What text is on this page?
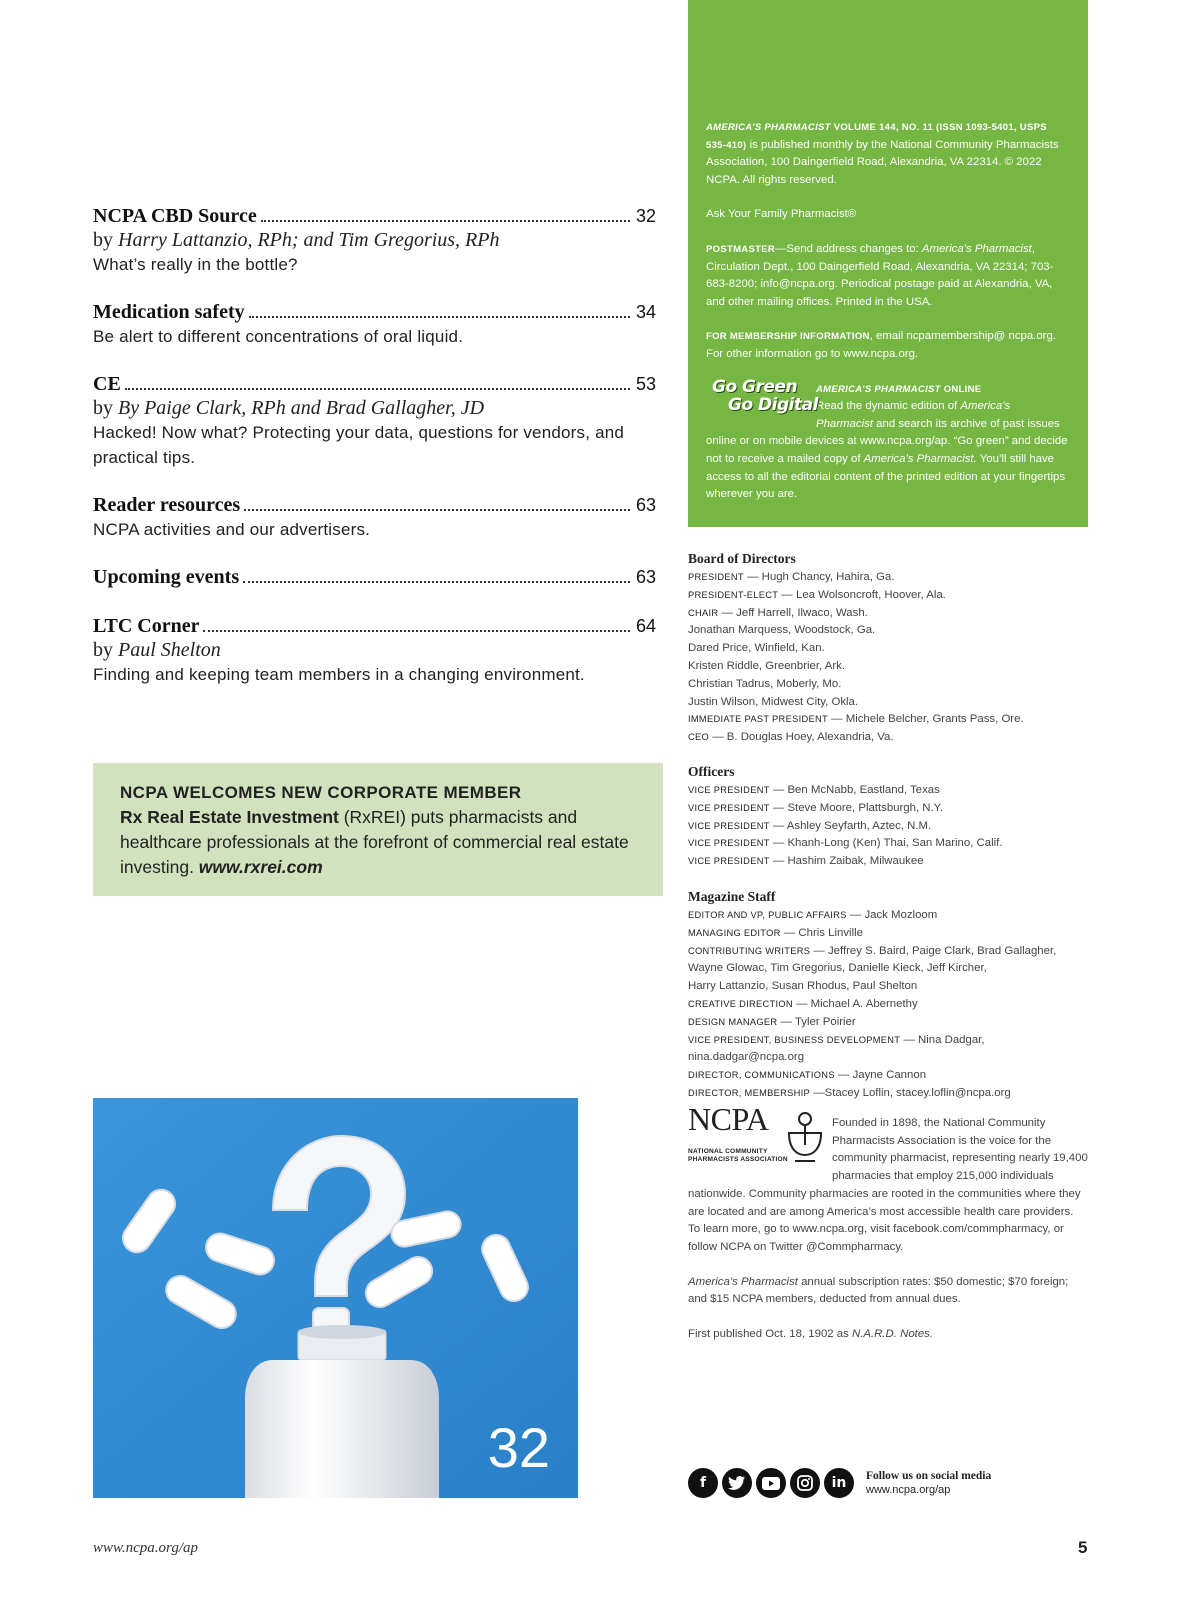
NCPA CBD Source	32
by Harry Lattanzio, RPh; and Tim Gregorius, RPh
What’s really in the bottle?
Medication safety	34
Be alert to different concentrations of oral liquid.
CE	53
by By Paige Clark, RPh and Brad Gallagher, JD
Hacked! Now what? Protecting your data, questions for vendors, and practical tips.
Reader resources	63
NCPA activities and our advertisers.
Upcoming events	63
LTC Corner	64
by Paul Shelton
Finding and keeping team members in a changing environment.
NCPA WELCOMES NEW CORPORATE MEMBER
Rx Real Estate Investment (RxREI) puts pharmacists and healthcare professionals at the forefront of commercial real estate investing. www.rxrei.com
32
www.ncpa.org/ap	5

AMERICA’S PHARMACIST VOLUME 144, NO. 11 (ISSN 1093-5401, USPS 535-410) is published monthly by the National Community Pharmacists Association, 100 Daingerfield Road, Alexandria, VA 22314. © 2022 NCPA. All rights reserved.

Ask Your Family Pharmacist®

POSTMASTER—Send address changes to: America’s Pharmacist, Circulation Dept., 100 Daingerfield Road, Alexandria, VA 22314; 703-683-8200; info@ncpa.org. Periodical postage paid at Alexandria, VA, and other mailing offices. Printed in the USA.

FOR MEMBERSHIP INFORMATION, email ncpamembership@ ncpa.org. For other information go to www.ncpa.org.

Go Green
Go Digital
AMERICA’S PHARMACIST ONLINE
Read the dynamic edition of America’s Pharmacist and search its archive of past issues online or on mobile devices at www.ncpa.org/ap. “Go green” and decide not to receive a mailed copy of America’s Pharmacist. You’ll still have access to all the editorial content of the printed edition at your fingertips wherever you are.
Board of Directors
PRESIDENT — Hugh Chancy, Hahira, Ga.
PRESIDENT-ELECT — Lea Wolsoncroft, Hoover, Ala.
CHAIR — Jeff Harrell, Ilwaco, Wash.
Jonathan Marquess, Woodstock, Ga.
Dared Price, Winfield, Kan.
Kristen Riddle, Greenbrier, Ark.
Christian Tadrus, Moberly, Mo.
Justin Wilson, Midwest City, Okla.
IMMEDIATE PAST PRESIDENT — Michele Belcher, Grants Pass, Ore.
CEO — B. Douglas Hoey, Alexandria, Va.
Officers
VICE PRESIDENT — Ben McNabb, Eastland, Texas
VICE PRESIDENT — Steve Moore, Plattsburgh, N.Y.
VICE PRESIDENT — Ashley Seyfarth, Aztec, N.M.
VICE PRESIDENT — Khanh-Long (Ken) Thai, San Marino, Calif.
VICE PRESIDENT — Hashim Zaibak, Milwaukee
Magazine Staff
EDITOR AND VP, PUBLIC AFFAIRS — Jack Mozloom
MANAGING EDITOR — Chris Linville
CONTRIBUTING WRITERS — Jeffrey S. Baird, Paige Clark, Brad Gallagher,
Wayne Glowac, Tim Gregorius, Danielle Kieck, Jeff Kircher,
Harry Lattanzio, Susan Rhodus, Paul Shelton
CREATIVE DIRECTION — Michael A. Abernethy
DESIGN MANAGER — Tyler Poirier
VICE PRESIDENT, BUSINESS DEVELOPMENT — Nina Dadgar,
nina.dadgar@ncpa.org
DIRECTOR, COMMUNICATIONS — Jayne Cannon
DIRECTOR, MEMBERSHIP —Stacey Loflin, stacey.loflin@ncpa.org
NCPA
NATIONAL COMMUNITY
PHARMACISTS ASSOCIATION

Founded in 1898, the National Community Pharmacists Association is the voice for the community pharmacist, representing nearly 19,400 pharmacies that employ 215,000 individuals nationwide. Community pharmacies are rooted in the communities where they are located and are among America’s most accessible health care providers. To learn more, go to www.ncpa.org, visit facebook.com/commpharmacy, or follow NCPA on Twitter @Commpharmacy.

America’s Pharmacist annual subscription rates: $50 domestic; $70 foreign; and $15 NCPA members, deducted from annual dues.

First published Oct. 18, 1902 as N.A.R.D. Notes.

f	in	Follow us on social media
www.ncpa.org/ap
